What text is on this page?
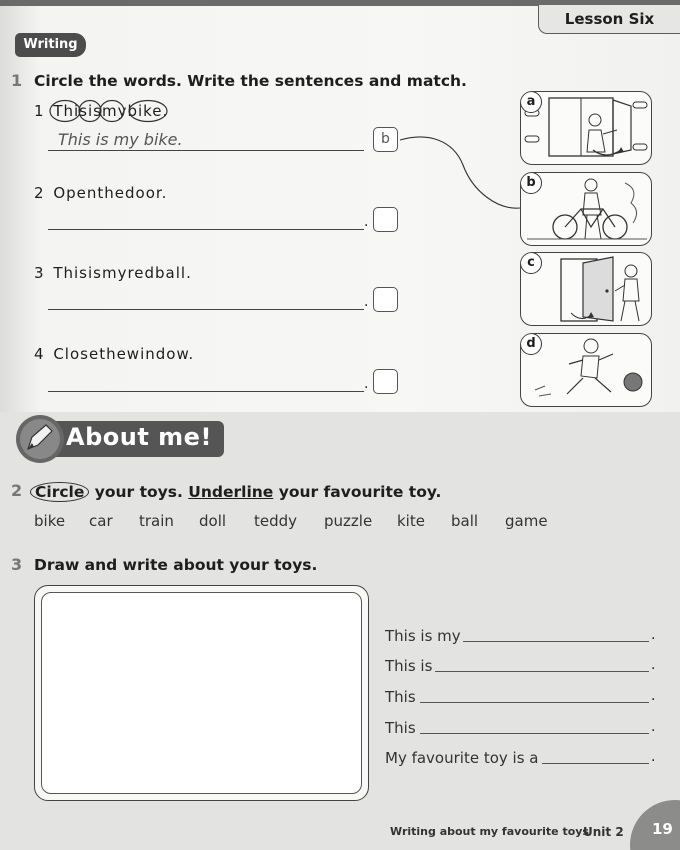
Lesson Six
Writing
1 Circle the words. Write the sentences and match.
1 Thisismybike.
This is my bike.	b
2 Openthedoor.
.
3 Thisismyredball.
.
4 Closethewindow.
.
a
b
c
d
About me!
2 Circle your toys. Underline your favourite toy.
bike car train doll teddy puzzle kite ball game
3 Draw and write about your toys.
This is my	.
This is	.
This	.
This	.
My favourite toy is a	.
Writing about my favourite toys
Unit 2 19
